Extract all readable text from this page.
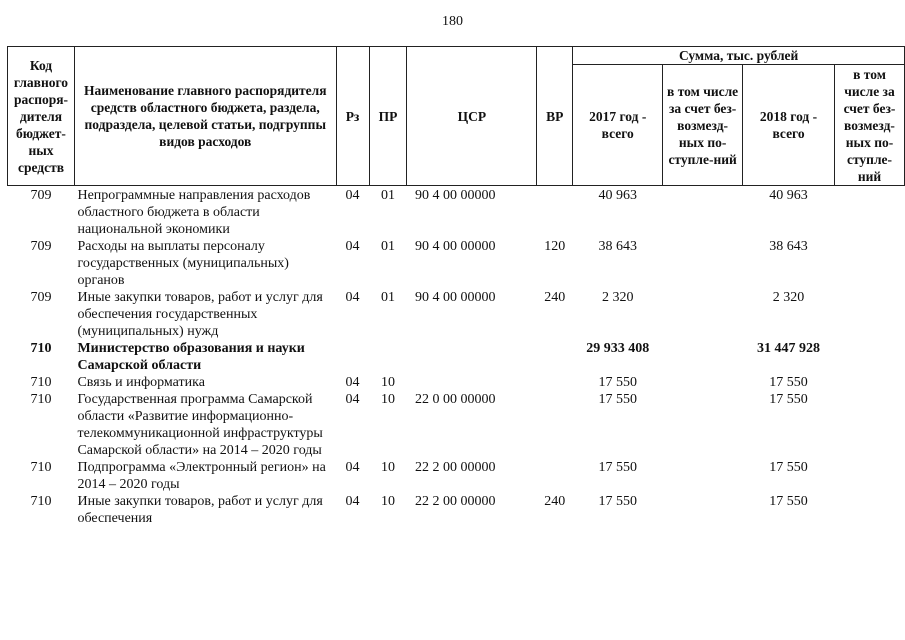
180
Код главного распоря-дителя бюджет-ных средств	Наименование главного распорядителя средств областного бюджета, раздела, подраздела, целевой статьи, подгруппы видов расходов	Рз	ПР	ЦСР	ВР	Сумма, тыс. рублей			
						2017 год - всего	в том числе за счет без-возмезд-ных по-ступле-ний	2018 год - всего	в том числе за счет без-возмезд-ных по-ступле-ний
709	Непрограммные направления расходов областного бюджета в области национальной экономики	04	01	90 4 00 00000		40 963		40 963	
709	Расходы на выплаты персоналу государственных (муниципальных) органов	04	01	90 4 00 00000	120	38 643		38 643	
709	Иные закупки товаров, работ и услуг для обеспечения государственных (муниципальных) нужд	04	01	90 4 00 00000	240	2 320		2 320	
710	Министерство образования и науки Самарской области					29 933 408		31 447 928	
710	Связь и информатика	04	10			17 550		17 550	
710	Государственная программа Самарской области «Развитие информационно-телекоммуникационной инфраструктуры Самарской области» на 2014 – 2020 годы	04	10	22 0 00 00000		17 550		17 550	
710	Подпрограмма «Электронный регион» на 2014 – 2020 годы	04	10	22 2 00 00000		17 550		17 550	
710	Иные закупки товаров, работ и услуг для обеспечения	04	10	22 2 00 00000	240	17 550		17 550	
